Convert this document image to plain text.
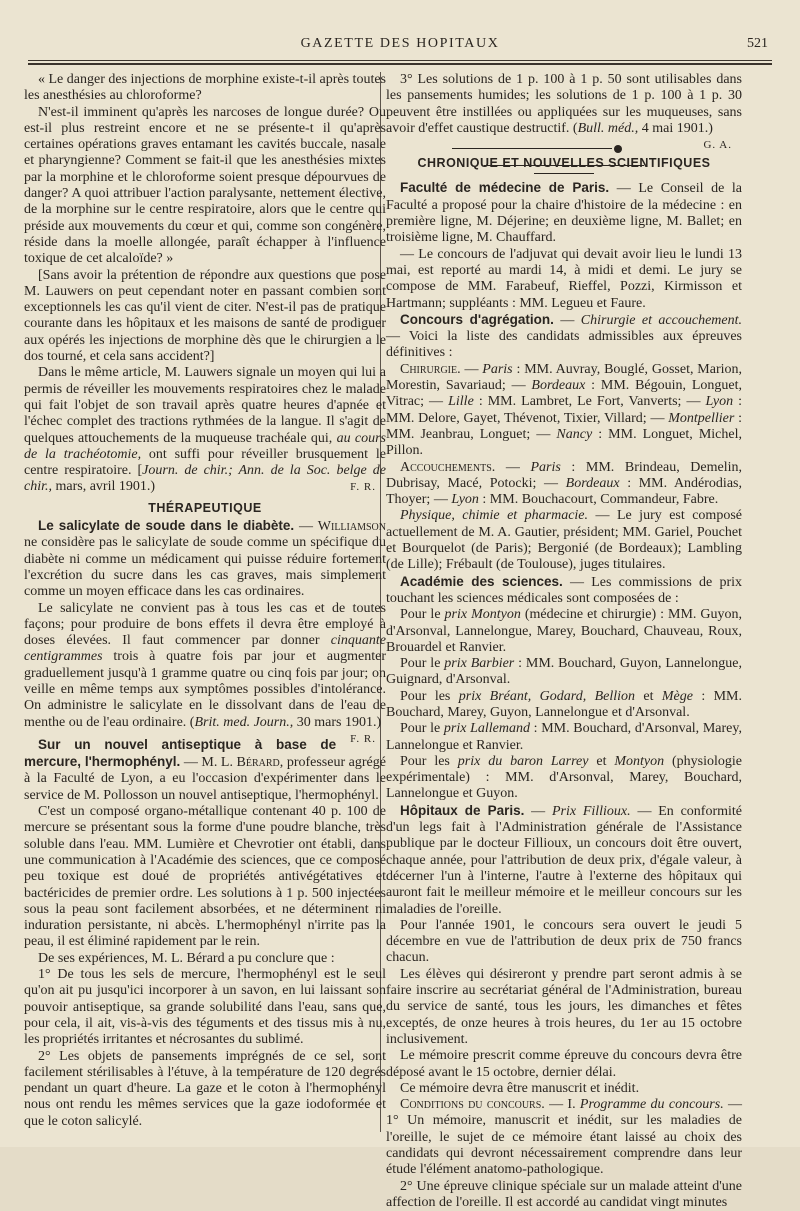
GAZETTE DES HOPITAUX	521

« Le danger des injections de morphine existe-t-il après toutes les anesthésies au chloroforme?

N'est-il imminent qu'après les narcoses de longue durée? Ou est-il plus restreint encore et ne se présente-t il qu'après certaines opérations graves entamant les cavités buccale, nasale et pharyngienne? Comment se fait-il que les anesthésies mixtes par la morphine et le chloroforme soient presque dépourvues de danger? A quoi attribuer l'action paralysante, nettement élective, de la morphine sur le centre respiratoire, alors que le centre qui préside aux mouvements du cœur et qui, comme son congénère, réside dans la moelle allongée, paraît échapper à l'influence toxique de cet alcaloïde? »

[Sans avoir la prétention de répondre aux questions que pose M. Lauwers on peut cependant noter en passant combien sont exceptionnels les cas qu'il vient de citer. N'est-il pas de pratique courante dans les hôpitaux et les maisons de santé de prodiguer aux opérés les injections de morphine dès que le chirurgien a le dos tourné, et cela sans accident?]

Dans le même article, M. Lauwers signale un moyen qui lui a permis de réveiller les mouvements respiratoires chez le malade qui fait l'objet de son travail après quatre heures d'apnée et l'échec complet des tractions rythmées de la langue. Il s'agit de quelques attouchements de la muqueuse trachéale qui, au cours de la trachéotomie, ont suffi pour réveiller brusquement le centre respiratoire. [Journ. de chir.; Ann. de la Soc. belge de chir., mars, avril 1901.)	F. R.

THÉRAPEUTIQUE

Le salicylate de soude dans le diabète. — Williamson ne considère pas le salicylate de soude comme un spécifique du diabète ni comme un médicament qui puisse réduire fortement l'excrétion du sucre dans les cas graves, mais simplement comme un moyen efficace dans les cas ordinaires.

Le salicylate ne convient pas à tous les cas et de toutes façons; pour produire de bons effets il devra être employé à doses élevées. Il faut commencer par donner cinquante centigrammes trois à quatre fois par jour et augmenter graduellement jusqu'à 1 gramme quatre ou cinq fois par jour; on veille en même temps aux symptômes possibles d'intolérance. On administre le salicylate en le dissolvant dans de l'eau de menthe ou de l'eau ordinaire. (Brit. med. Journ., 30 mars 1901.)
F. R.

Sur un nouvel antiseptique à base de mercure, l'hermophényl. — M. L. Bérard, professeur agrégé à la Faculté de Lyon, a eu l'occasion d'expérimenter dans le service de M. Pollosson un nouvel antiseptique, l'hermophényl.

C'est un composé organo-métallique contenant 40 p. 100 de mercure se présentant sous la forme d'une poudre blanche, très soluble dans l'eau. MM. Lumière et Chevrotier ont établi, dans une communication à l'Académie des sciences, que ce composé peu toxique est doué de propriétés antivégétatives et bactéricides de premier ordre. Les solutions à 1 p. 500 injectées sous la peau sont facilement absorbées, et ne déterminent ni induration persistante, ni abcès. L'hermophényl n'irrite pas la peau, il est éliminé rapidement par le rein.

De ses expériences, M. L. Bérard a pu conclure que :

1° De tous les sels de mercure, l'hermophényl est le seul qu'on ait pu jusqu'ici incorporer à un savon, en lui laissant son pouvoir antiseptique, sa grande solubilité dans l'eau, sans que, pour cela, il ait, vis-à-vis des téguments et des tissus mis à nu, les propriétés irritantes et nécrosantes du sublimé.

2° Les objets de pansements imprégnés de ce sel, sont facilement stérilisables à l'étuve, à la température de 120 degrés pendant un quart d'heure. La gaze et le coton à l'hermophényl nous ont rendu les mêmes services que la gaze iodoformée et que le coton salicylé.

3° Les solutions de 1 p. 100 à 1 p. 50 sont utilisables dans les pansements humides; les solutions de 1 p. 100 à 1 p. 30 peuvent être instillées ou appliquées sur les muqueuses, sans avoir d'effet caustique destructif. (Bull. méd., 4 mai 1901.)
G. A.

CHRONIQUE ET NOUVELLES SCIENTIFIQUES

Faculté de médecine de Paris. — Le Conseil de la Faculté a proposé pour la chaire d'histoire de la médecine : en première ligne, M. Déjerine; en deuxième ligne, M. Ballet; en troisième ligne, M. Chauffard.

— Le concours de l'adjuvat qui devait avoir lieu le lundi 13 mai, est reporté au mardi 14, à midi et demi. Le jury se compose de MM. Farabeuf, Rieffel, Pozzi, Kirmisson et Hartmann; suppléants : MM. Legueu et Faure.

Concours d'agrégation. — Chirurgie et accouchement. — Voici la liste des candidats admissibles aux épreuves définitives :

Chirurgie. — Paris : MM. Auvray, Bouglé, Gosset, Marion, Morestin, Savariaud; — Bordeaux : MM. Bégouin, Longuet, Vitrac; — Lille : MM. Lambret, Le Fort, Vanverts; — Lyon : MM. Delore, Gayet, Thévenot, Tixier, Villard; — Montpellier : MM. Jeanbrau, Longuet; — Nancy : MM. Longuet, Michel, Pillon.

Accouchements. — Paris : MM. Brindeau, Demelin, Dubrisay, Macé, Potocki; — Bordeaux : MM. Andérodias, Thoyer; — Lyon : MM. Bouchacourt, Commandeur, Fabre.

Physique, chimie et pharmacie. — Le jury est composé actuellement de M. A. Gautier, président; MM. Gariel, Pouchet et Bourquelot (de Paris); Bergonié (de Bordeaux); Lambling (de Lille); Frébault (de Toulouse), juges titulaires.

Académie des sciences. — Les commissions de prix touchant les sciences médicales sont composées de :

Pour le prix Montyon (médecine et chirurgie) : MM. Guyon, d'Arsonval, Lannelongue, Marey, Bouchard, Chauveau, Roux, Brouardel et Ranvier.

Pour le prix Barbier : MM. Bouchard, Guyon, Lannelongue, Guignard, d'Arsonval.

Pour les prix Bréant, Godard, Bellion et Mège : MM. Bouchard, Marey, Guyon, Lannelongue et d'Arsonval.

Pour le prix Lallemand : MM. Bouchard, d'Arsonval, Marey, Lannelongue et Ranvier.

Pour les prix du baron Larrey et Montyon (physiologie expérimentale) : MM. d'Arsonval, Marey, Bouchard, Lannelongue et Guyon.

Hôpitaux de Paris. — Prix Fillioux. — En conformité d'un legs fait à l'Administration générale de l'Assistance publique par le docteur Fillioux, un concours doit être ouvert, chaque année, pour l'attribution de deux prix, d'égale valeur, à décerner l'un à l'interne, l'autre à l'externe des hôpitaux qui auront fait le meilleur mémoire et le meilleur concours sur les maladies de l'oreille.

Pour l'année 1901, le concours sera ouvert le jeudi 5 décembre en vue de l'attribution de deux prix de 750 francs chacun.

Les élèves qui désireront y prendre part seront admis à se faire inscrire au secrétariat général de l'Administration, bureau du service de santé, tous les jours, les dimanches et fêtes exceptés, de onze heures à trois heures, du 1er au 15 octobre inclusivement.

Le mémoire prescrit comme épreuve du concours devra être déposé avant le 15 octobre, dernier délai.

Ce mémoire devra être manuscrit et inédit.

Conditions du concours. — I. Programme du concours. — 1° Un mémoire, manuscrit et inédit, sur les maladies de l'oreille, le sujet de ce mémoire étant laissé au choix des candidats qui devront nécessairement comprendre dans leur étude l'élément anatomo-pathologique.

2° Une épreuve clinique spéciale sur un malade atteint d'une affection de l'oreille. Il est accordé au candidat vingt minutes
